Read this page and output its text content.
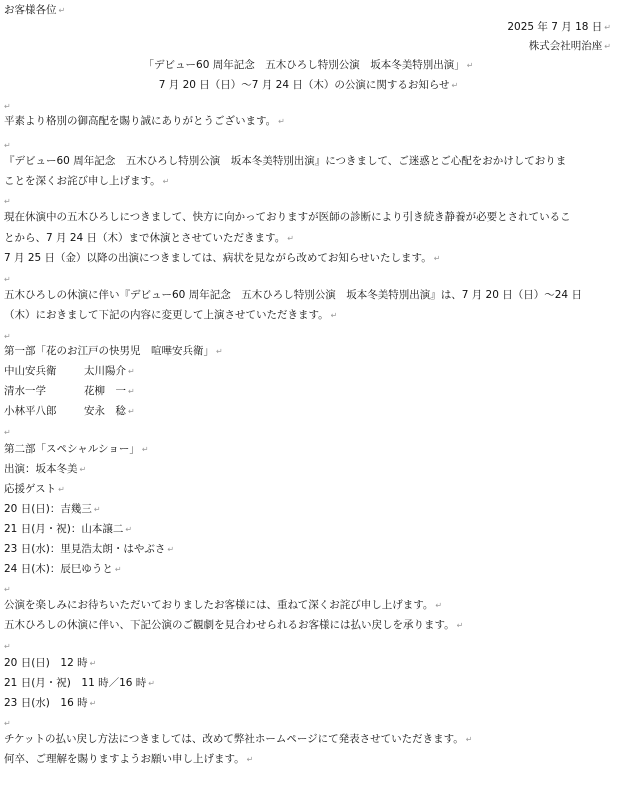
お客様各位 ↵
2025 年 7 月 18 日 ↵
株式会社明治座 ↵
「デビュー60 周年記念　五木ひろし特別公演　坂本冬美特別出演」 ↵
7 月 20 日（日）～7 月 24 日（木）の公演に関するお知らせ ↵
↵
平素より格別の御高配を賜り誠にありがとうございます。 ↵
↵
『デビュー60 周年記念　五木ひろし特別公演　坂本冬美特別出演』につきまして、ご迷惑とご心配をおかけしておりま
ことを深くお詫び申し上げます。 ↵
↵
現在休演中の五木ひろしにつきまして、快方に向かっておりますが医師の診断により引き続き静養が必要とされているこ
とから、7 月 24 日（木）まで休演とさせていただきます。 ↵
7 月 25 日（金）以降の出演につきましては、病状を見ながら改めてお知らせいたします。 ↵
↵
五木ひろしの休演に伴い『デビュー60 周年記念　五木ひろし特別公演　坂本冬美特別出演』は、7 月 20 日（日）～24 日
（木）におきまして下記の内容に変更して上演させていただきます。 ↵
↵
第一部「花のお江戸の快男児　喧嘩安兵衛」 ↵
中山安兵衛	太川陽介 ↵
清水一学	花柳　一 ↵
小林平八郎	安永　稔 ↵
↵
第二部「スペシャルショー」 ↵
出演：坂本冬美 ↵
応援ゲスト ↵
20 日(日)：吉幾三 ↵
21 日(月・祝)：山本譲二 ↵
23 日(水)：里見浩太朗・はやぶさ ↵
24 日(木)：辰巳ゆうと ↵
↵
公演を楽しみにお待ちいただいておりましたお客様には、重ねて深くお詫び申し上げます。 ↵
五木ひろしの休演に伴い、下記公演のご観劇を見合わせられるお客様には払い戻しを承ります。 ↵
↵
20 日(日)　12 時 ↵
21 日(月・祝)　11 時／16 時 ↵
23 日(水)　16 時 ↵
↵
チケットの払い戻し方法につきましては、改めて弊社ホームページにて発表させていただきます。 ↵
何卒、ご理解を賜りますようお願い申し上げます。 ↵
